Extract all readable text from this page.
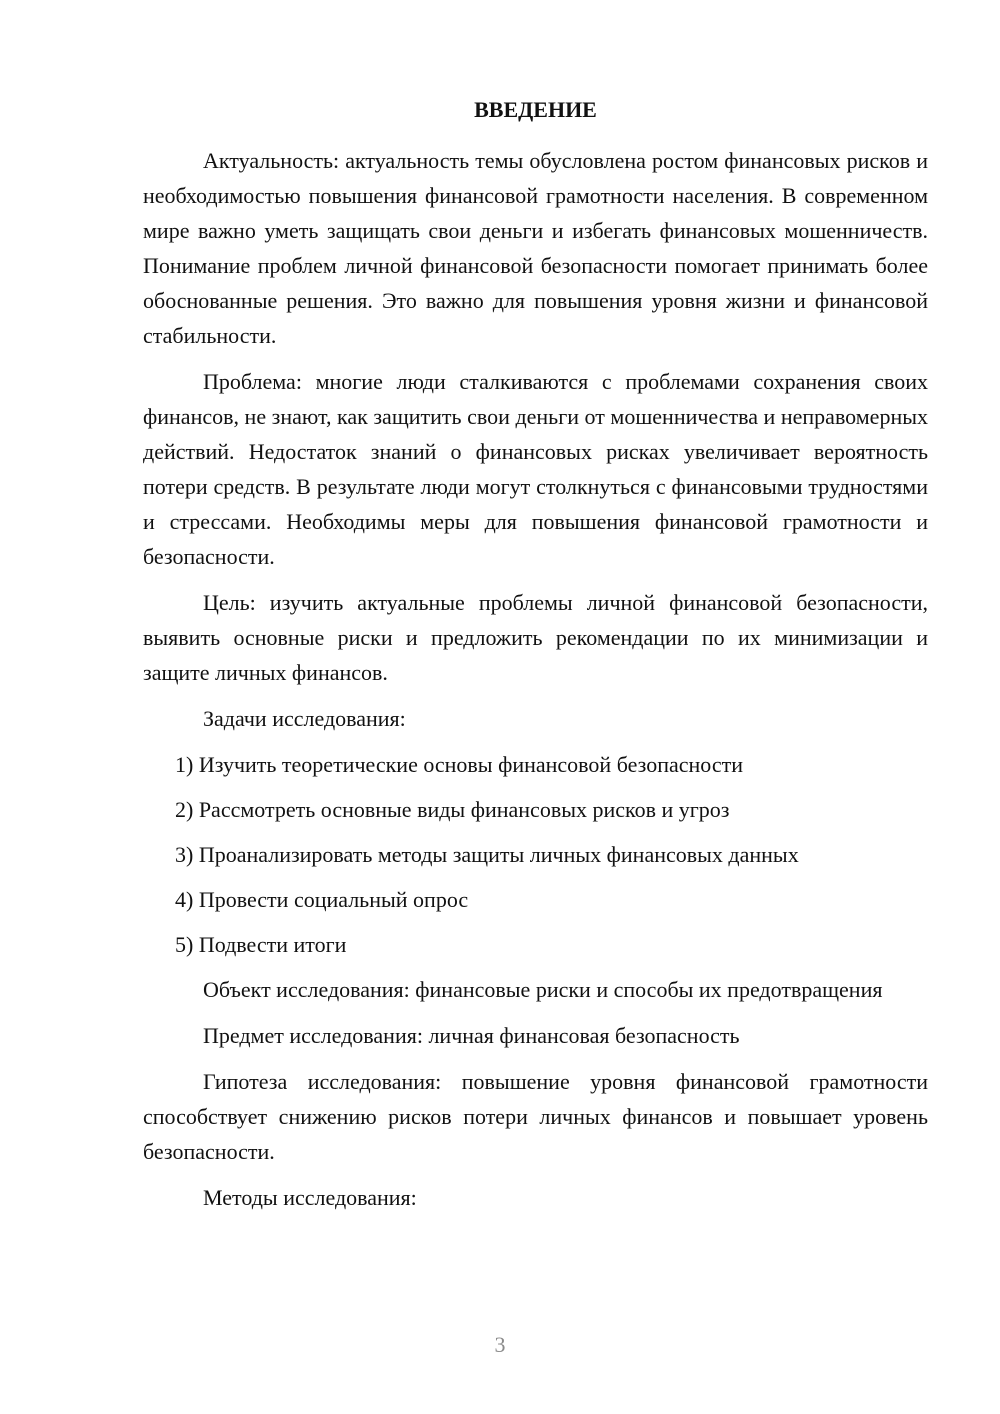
ВВЕДЕНИЕ
Актуальность: актуальность темы обусловлена ростом финансовых рисков и необходимостью повышения финансовой грамотности населения. В современном мире важно уметь защищать свои деньги и избегать финансовых мошенничеств. Понимание проблем личной финансовой безопасности помогает принимать более обоснованные решения. Это важно для повышения уровня жизни и финансовой стабильности.
Проблема: многие люди сталкиваются с проблемами сохранения своих финансов, не знают, как защитить свои деньги от мошенничества и неправомерных действий. Недостаток знаний о финансовых рисках увеличивает вероятность потери средств. В результате люди могут столкнуться с финансовыми трудностями и стрессами. Необходимы меры для повышения финансовой грамотности и безопасности.
Цель: изучить актуальные проблемы личной финансовой безопасности, выявить основные риски и предложить рекомендации по их минимизации и защите личных финансов.
Задачи исследования:
1) Изучить теоретические основы финансовой безопасности
2) Рассмотреть основные виды финансовых рисков и угроз
3) Проанализировать методы защиты личных финансовых данных
4) Провести социальный опрос
5) Подвести итоги
Объект исследования: финансовые риски и способы их предотвращения
Предмет исследования: личная финансовая безопасность
Гипотеза исследования: повышение уровня финансовой грамотности способствует снижению рисков потери личных финансов и повышает уровень безопасности.
Методы исследования:
3
